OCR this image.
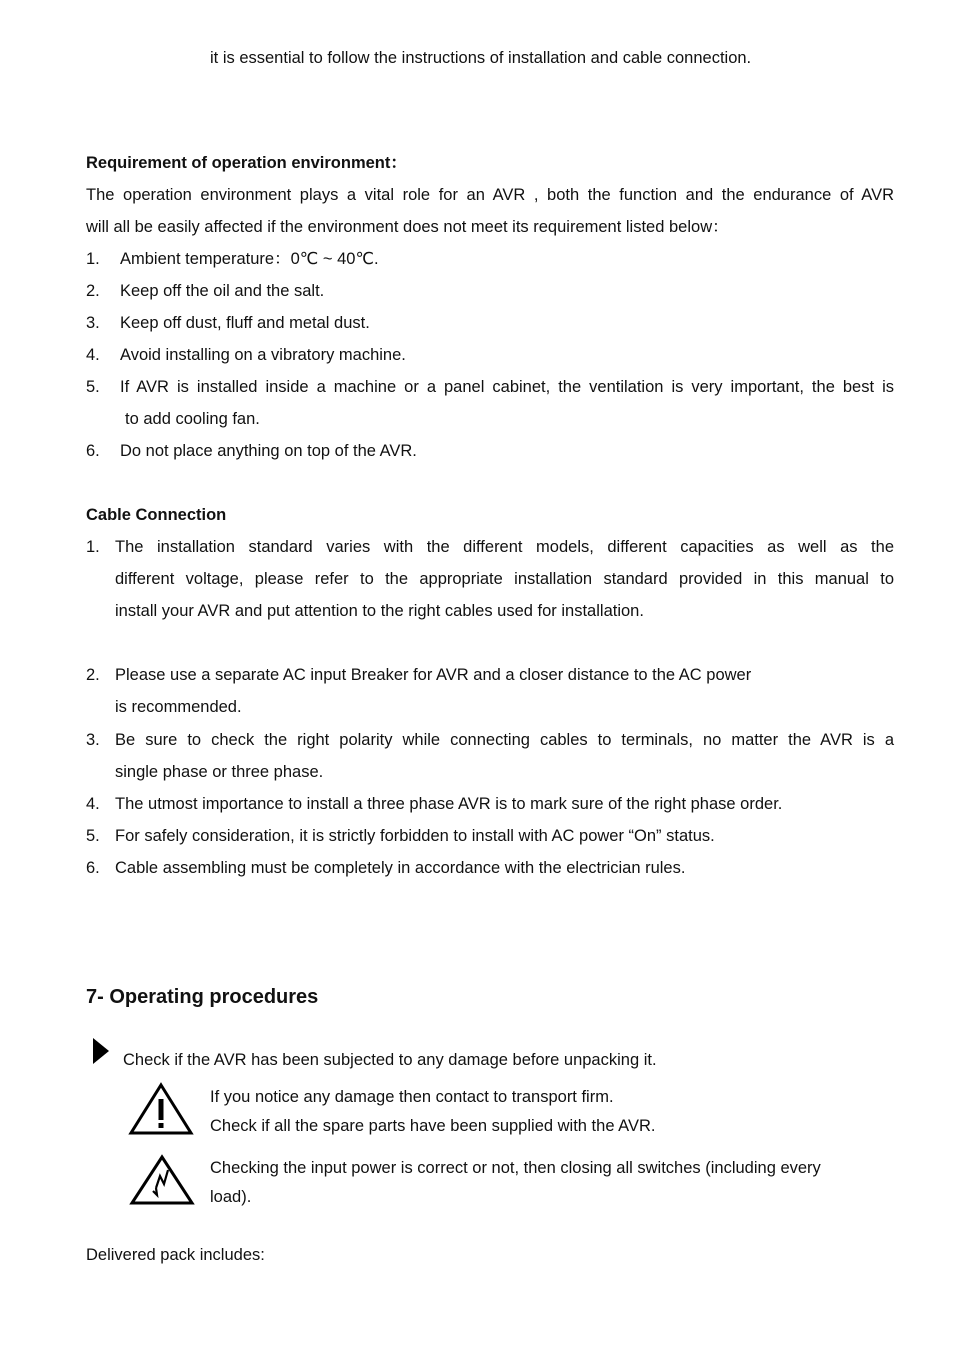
it is essential to follow the instructions of installation and cable connection.
Requirement of operation environment：
The operation environment plays a vital role for an AVR , both the function and the endurance of AVR
will all be easily affected if the environment does not meet its requirement listed below：
1. Ambient temperature：0℃ ~ 40℃.
2. Keep off the oil and the salt.
3. Keep off dust, fluff and metal dust.
4. Avoid installing on a vibratory machine.
5. If AVR is installed inside a machine or a panel cabinet, the ventilation is very important, the best is
to add cooling fan.
6. Do not place anything on top of the AVR.
Cable Connection
1. The installation standard varies with the different models, different capacities as well as the
different voltage, please refer to the appropriate installation standard provided in this manual to
install your AVR and put attention to the right cables used for installation.
2. Please use a separate AC input Breaker for AVR and a closer distance to the AC power
is recommended.
3. Be sure to check the right polarity while connecting cables to terminals, no matter the AVR is a
single phase or three phase.
4. The utmost importance to install a three phase AVR is to mark sure of the right phase order.
5. For safely consideration, it is strictly forbidden to install with AC power “On” status.
6. Cable assembling must be completely in accordance with the electrician rules.
7- Operating procedures
Check if the AVR has been subjected to any damage before unpacking it.
If you notice any damage then contact to transport firm.
Check if all the spare parts have been supplied with the AVR.
Checking the input power is correct or not, then closing all switches (including every
load).
Delivered pack includes:
